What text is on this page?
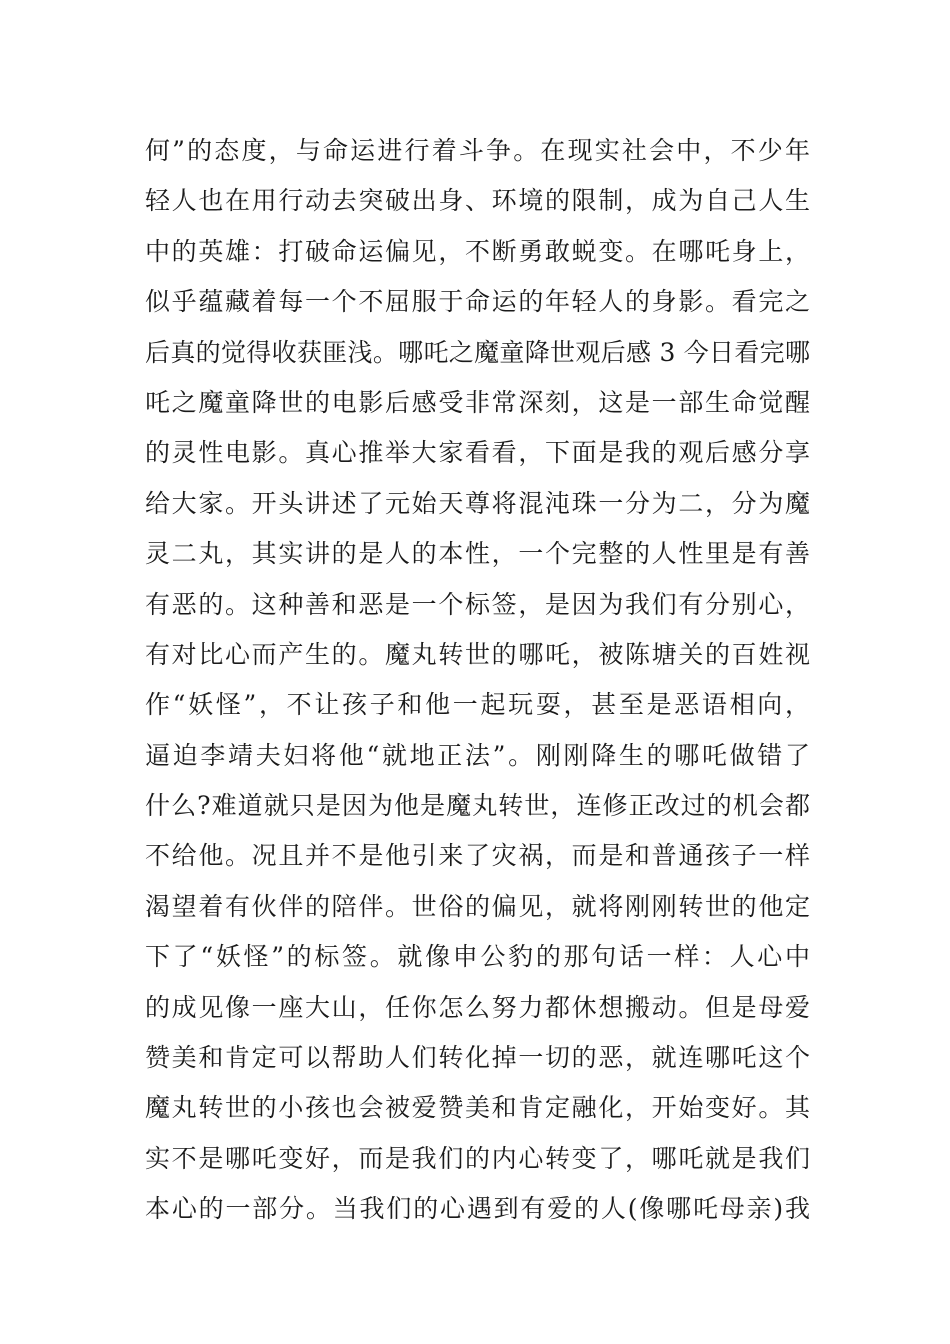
何”的态度，与命运进行着斗争。在现实社会中，不少年
轻人也在用行动去突破出身、环境的限制，成为自己人生
中的英雄：打破命运偏见，不断勇敢蜕变。在哪吒身上，
似乎蕴藏着每一个不屈服于命运的年轻人的身影。看完之
后真的觉得收获匪浅。哪吒之魔童降世观后感 3 今日看完哪
吒之魔童降世的电影后感受非常深刻，这是一部生命觉醒
的灵性电影。真心推举大家看看，下面是我的观后感分享
给大家。开头讲述了元始天尊将混沌珠一分为二，分为魔
灵二丸，其实讲的是人的本性，一个完整的人性里是有善
有恶的。这种善和恶是一个标签，是因为我们有分别心，
有对比心而产生的。魔丸转世的哪吒，被陈塘关的百姓视
作“妖怪”，不让孩子和他一起玩耍，甚至是恶语相向，
逼迫李靖夫妇将他“就地正法”。刚刚降生的哪吒做错了
什么?难道就只是因为他是魔丸转世，连修正改过的机会都
不给他。况且并不是他引来了灾祸，而是和普通孩子一样
渴望着有伙伴的陪伴。世俗的偏见，就将刚刚转世的他定
下了“妖怪”的标签。就像申公豹的那句话一样：人心中
的成见像一座大山，任你怎么努力都休想搬动。但是母爱
赞美和肯定可以帮助人们转化掉一切的恶，就连哪吒这个
魔丸转世的小孩也会被爱赞美和肯定融化，开始变好。其
实不是哪吒变好，而是我们的内心转变了，哪吒就是我们
本心的一部分。当我们的心遇到有爱的人(像哪吒母亲)我
